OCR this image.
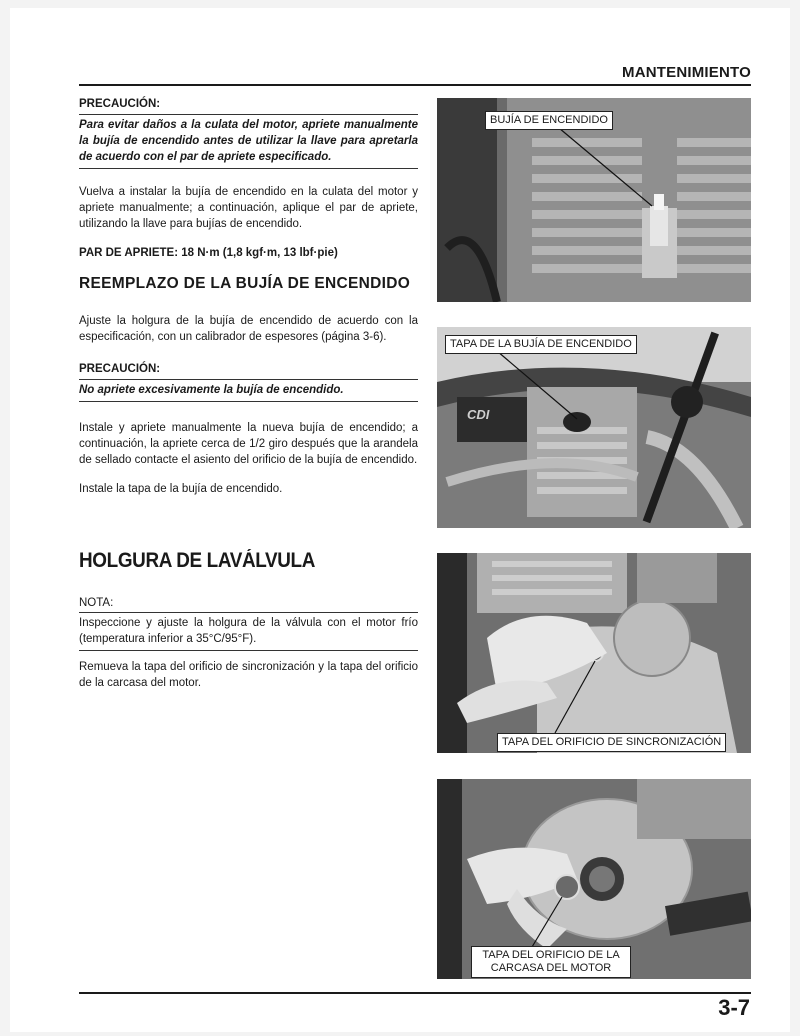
MANTENIMIENTO
PRECAUCIÓN:
Para evitar daños a la culata del motor, apriete manualmente la bujía de encendido antes de utilizar la llave para apretarla de acuerdo con el par de apriete especificado.
Vuelva a instalar la bujía de encendido en la culata del motor y apriete manualmente; a continuación, aplique el par de apriete, utilizando la llave para bujías de encendido.
PAR DE APRIETE: 18 N·m (1,8 kgf·m, 13 lbf·pie)
REEMPLAZO DE LA BUJÍA DE ENCENDIDO
Ajuste la holgura de la bujía de encendido de acuerdo con la especificación, con un calibrador de espesores (página 3-6).
PRECAUCIÓN:
No apriete excesivamente la bujía de encendido.
Instale y apriete manualmente la nueva bujía de encendido; a continuación, la apriete cerca de 1/2 giro después que la arandela de sellado contacte el asiento del orificio de la bujía de encendido.
Instale la tapa de la bujía de encendido.
HOLGURA DE LAVÁLVULA
NOTA:
Inspeccione y ajuste la holgura de la válvula con el motor frío (temperatura inferior a 35°C/95°F).
Remueva la tapa del orificio de sincronización y la tapa del orificio de la carcasa del motor.
BUJÍA DE ENCENDIDO
CDI
TAPA DE LA BUJÍA DE ENCENDIDO
TAPA DEL ORIFICIO DE SINCRONIZACIÓN
TAPA DEL ORIFICIO DE LA
CARCASA DEL MOTOR
3-7
